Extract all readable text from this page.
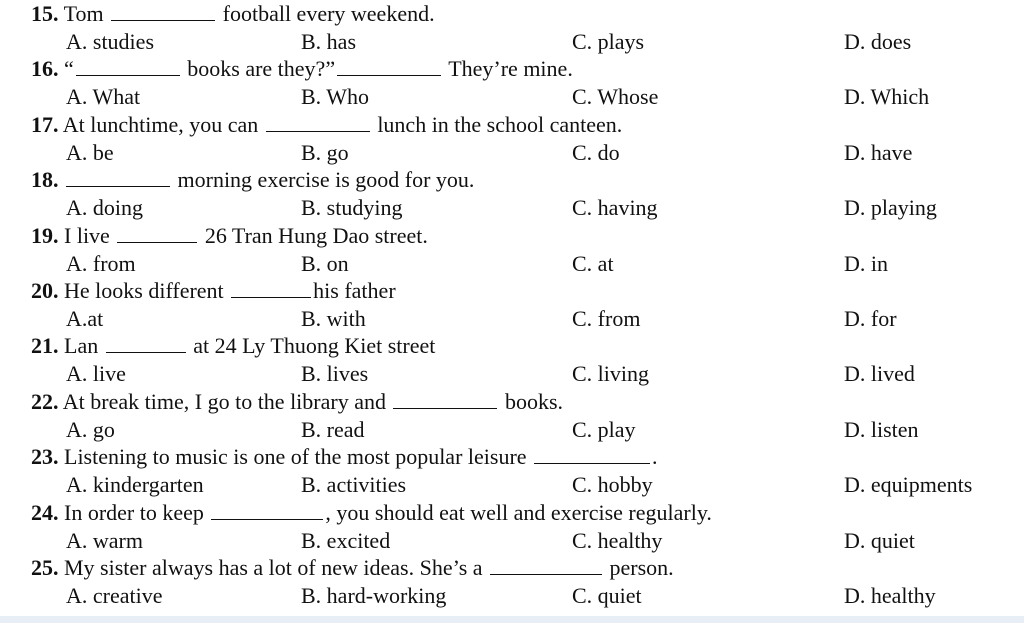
15. Tom	football every weekend.
A. studies	B. has	C. plays	D. does
16. “	books are they?”	They’re mine.
A. What	B. Who	C. Whose	D. Which
17. At lunchtime, you can	lunch in the school canteen.
A. be	B. go	C. do	D. have
18.	morning exercise is good for you.
A. doing	B. studying	C. having	D. playing
19. I live	26 Tran Hung Dao street.
A. from	B. on	C. at	D. in
20. He looks different	his father
A.at	B. with	C. from	D. for
21. Lan	at 24 Ly Thuong Kiet street
A. live	B. lives	C. living	D. lived
22. At break time, I go to the library and	books.
A. go	B. read	C. play	D. listen
23. Listening to music is one of the most popular leisure	.
A. kindergarten	B. activities	C. hobby	D. equipments
24. In order to keep	, you should eat well and exercise regularly.
A. warm	B. excited	C. healthy	D. quiet
25. My sister always has a lot of new ideas. She’s a	person.
A. creative	B. hard-working	C. quiet	D. healthy
